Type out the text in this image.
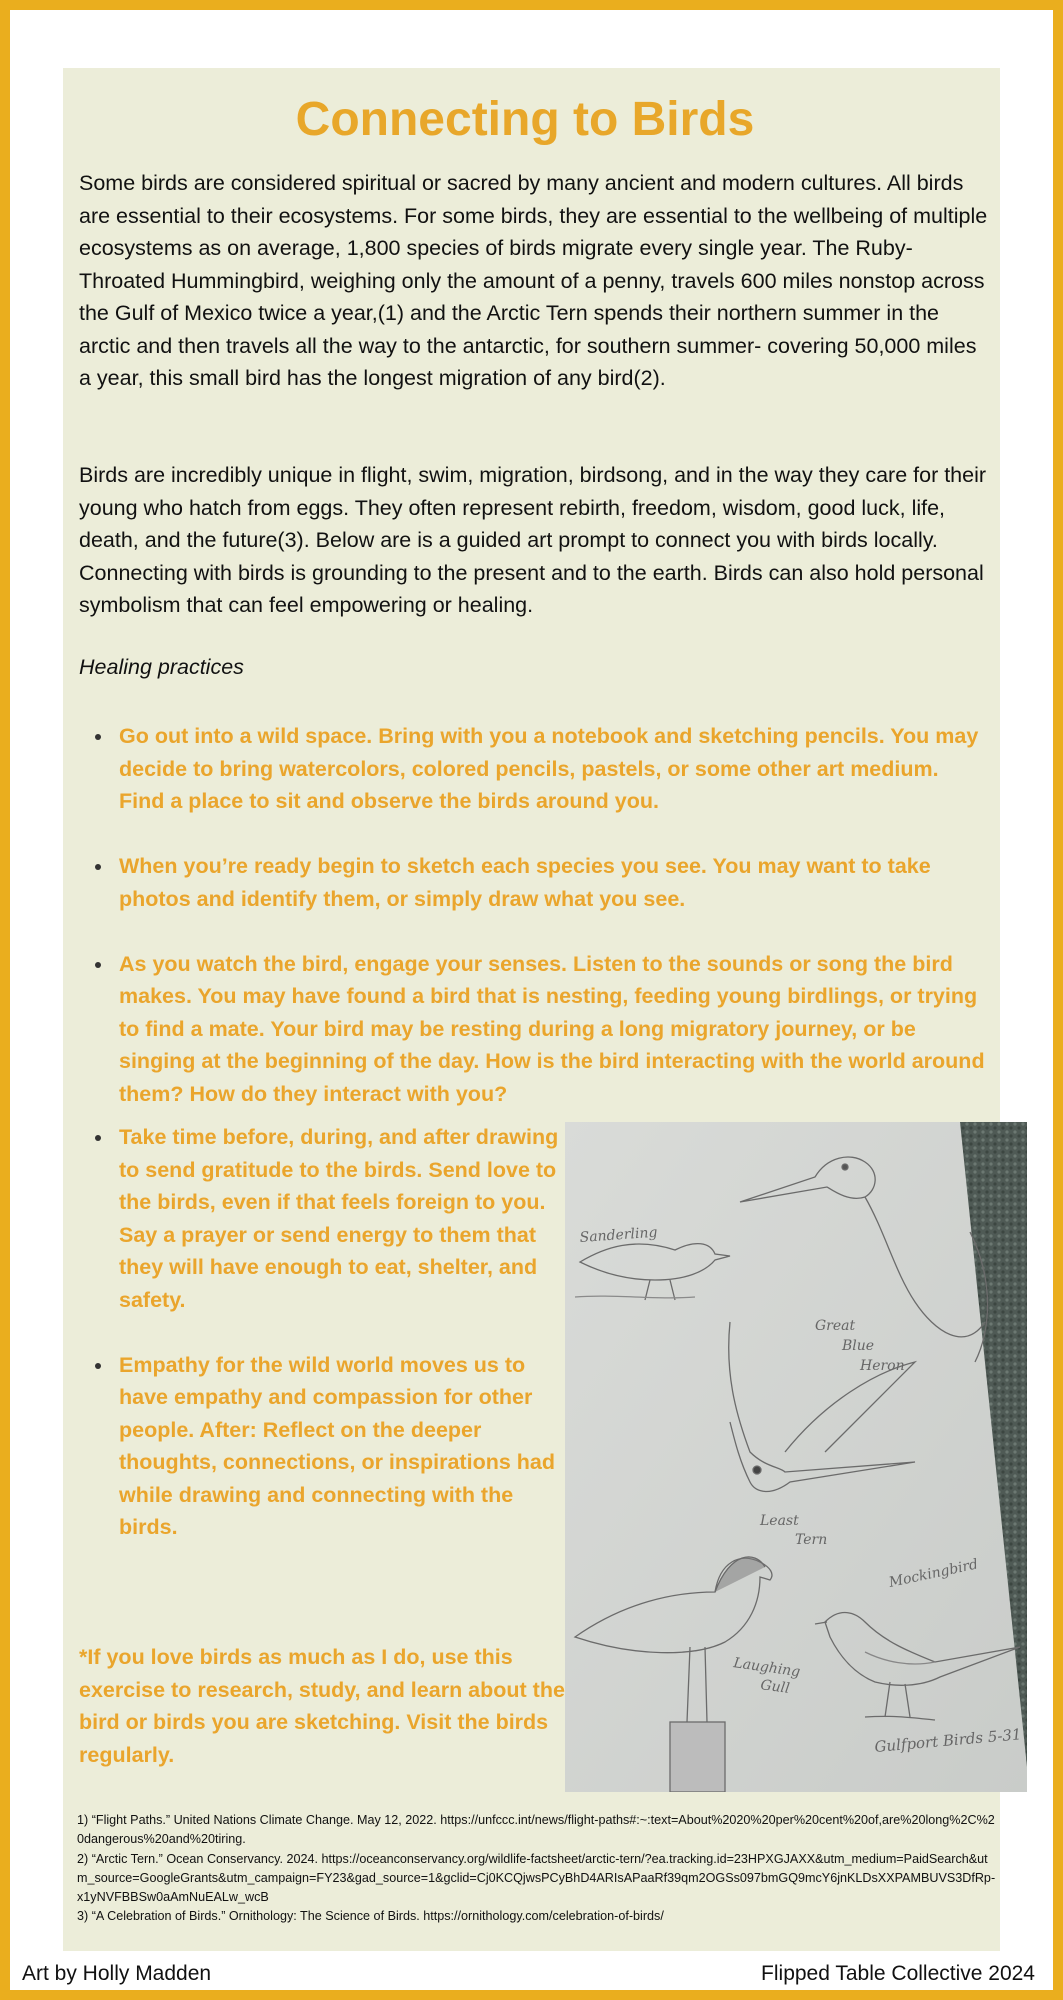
Connecting to Birds

Some birds are considered spiritual or sacred by many ancient and modern cultures. All birds are essential to their ecosystems. For some birds, they are essential to the wellbeing of multiple ecosystems as on average, 1,800 species of birds migrate every single year. The Ruby-Throated Hummingbird, weighing only the amount of a penny, travels 600 miles nonstop across the Gulf of Mexico twice a year,(1) and the Arctic Tern spends their northern summer in the arctic and then travels all the way to the antarctic, for southern summer- covering 50,000 miles a year, this small bird has the longest migration of any bird(2).

Birds are incredibly unique in flight, swim, migration, birdsong, and in the way they care for their young who hatch from eggs. They often represent rebirth, freedom, wisdom, good luck, life, death, and the future(3). Below are is a guided art prompt to connect you with birds locally. Connecting with birds is grounding to the present and to the earth. Birds can also hold personal symbolism that can feel empowering or healing.

Healing practices

Go out into a wild space. Bring with you a notebook and sketching pencils. You may decide to bring watercolors, colored pencils, pastels, or some other art medium. Find a place to sit and observe the birds around you.
When you’re ready begin to sketch each species you see. You may want to take photos and identify them, or simply draw what you see.
As you watch the bird, engage your senses. Listen to the sounds or song the bird makes. You may have found a bird that is nesting, feeding young birdlings, or trying to find a mate. Your bird may be resting during a long migratory journey, or be singing at the beginning of the day. How is the bird interacting with the world around them? How do they interact with you?
Take time before, during, and after drawing to send gratitude to the birds. Send love to the birds, even if that feels foreign to you. Say a prayer or send energy to them that they will have enough to eat, shelter, and safety.
Empathy for the wild world moves us to have empathy and compassion for other people. After: Reflect on the deeper thoughts, connections, or inspirations had while drawing and connecting with the birds.

*If you love birds as much as I do, use this exercise to research, study, and learn about the bird or birds you are sketching. Visit the birds regularly.

Sanderling
Great
Blue
Heron
Least
Tern
Mockingbird
Laughing
Gull
Gulfport Birds 5-31
1) “Flight Paths.” United Nations Climate Change. May 12, 2022. https://unfccc.int/news/flight-paths#:~:text=About%2020%20per%20cent%20of,are%20long%2C%20dangerous%20and%20tiring.
2) “Arctic Tern.” Ocean Conservancy. 2024. https://oceanconservancy.org/wildlife-factsheet/arctic-tern/?ea.tracking.id=23HPXGJAXX&utm_medium=PaidSearch&utm_source=GoogleGrants&utm_campaign=FY23&gad_source=1&gclid=Cj0KCQjwsPCyBhD4ARIsAPaaRf39qm2OGSs097bmGQ9mcY6jnKLDsXXPAMBUVS3DfRp-x1yNVFBBSw0aAmNuEALw_wcB
3) “A Celebration of Birds.” Ornithology: The Science of Birds. https://ornithology.com/celebration-of-birds/
Art by Holly Madden	Flipped Table Collective 2024
